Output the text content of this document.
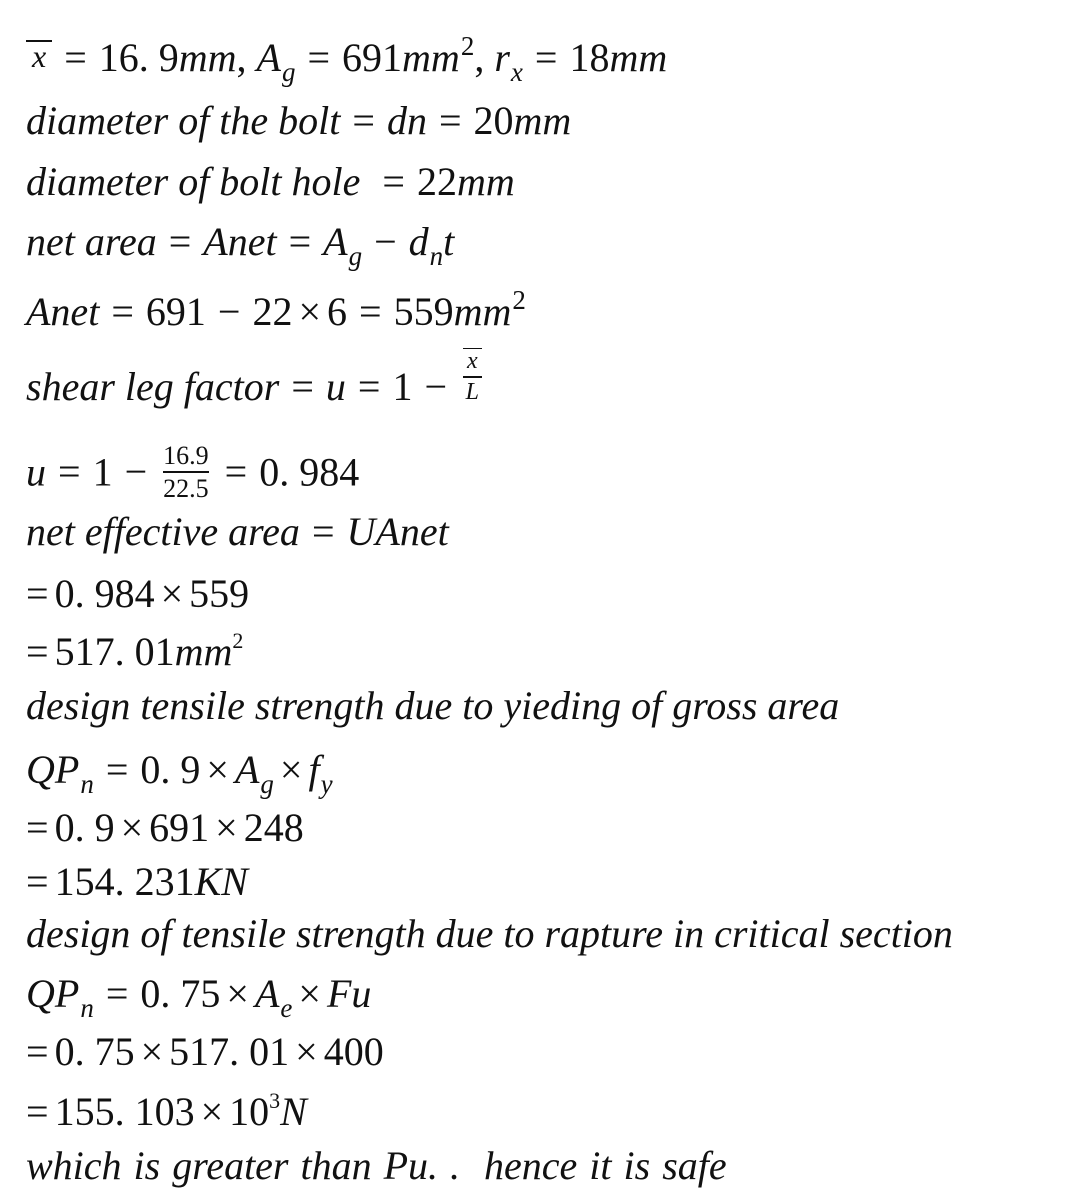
x = 16. 9mm, $A_g = 691mm^2$, $r_x = 18mm$
diameter of the bolt = dn = 20mm
diameter of bolt hole = 22mm
net area = Anet = $A_g - d_nt$
Anet = $691 - 22 \times 6 = 559mm^2$
shear leg factor = $u = 1 - \frac{x}{L}$
$u = 1 - \frac{16.9}{22.5} = 0$. 984
net effective area = UAnet
= 0. 984 × 559
= 517. $01mm^2$
design tensile strength due to yieding of gross area
$QP_n = 0$. $9 \times A_g \times f_y$
= 0. 9 × 691 × 248
= 154. 231KN
design of tensile strength due to rapture in critical section
$QP_n = 0$. $75 \times A_e \times Fu$
= 0. 75 × 517. 01 × 400
= 155. $103 \times 10^3N$
which is greater than Pu. .  hence it is safe
